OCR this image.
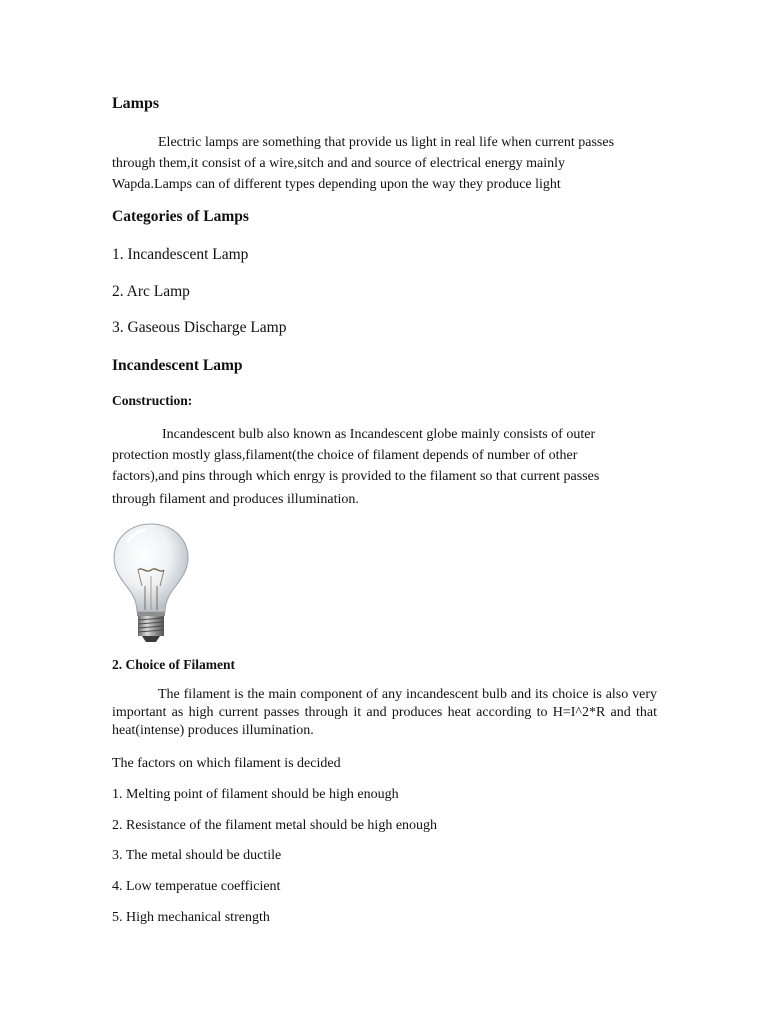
Lamps
Electric lamps are something that provide us light in real life when current passes
through them,it consist of a wire,sitch and and source of electrical energy mainly
Wapda.Lamps can of different types depending upon the way they produce light
Categories of Lamps
1. Incandescent Lamp
2. Arc Lamp
3. Gaseous Discharge Lamp
Incandescent Lamp
Construction:
Incandescent bulb also known as Incandescent globe mainly consists of outer
protection mostly glass,filament(the choice of filament depends of number of other
factors),and pins through which enrgy is provided to the filament so that current passes
through filament and produces illumination.
2. Choice of Filament
The filament is the main component of any incandescent bulb and its choice is also very important as high current passes through it and produces heat according to H=I^2*R and that heat(intense) produces illumination.
The factors on which filament is decided
1. Melting point of filament should be high enough
2. Resistance of the filament metal should be high enough
3. The metal should be ductile
4. Low temperatue coefficient
5. High mechanical strength
